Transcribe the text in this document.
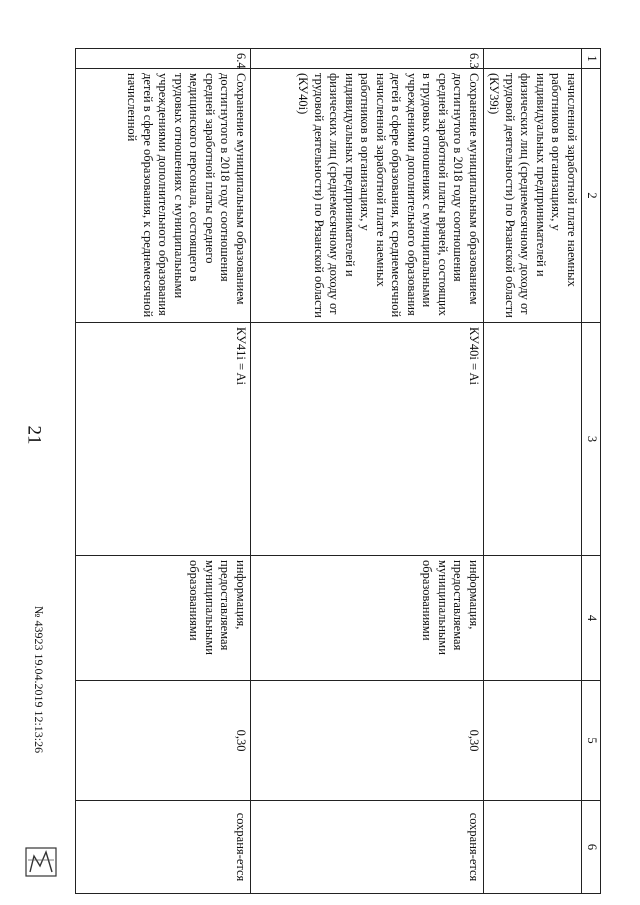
21
1	2	3	4	5	6
	начисленной заработной плате наемных работников в организациях, у индивидуальных предпринимателей и физических лиц (среднемесячному доходу от трудовой деятельности) по Рязанской области (КУ39i)				
6.3	Сохранение муниципальным образованием достигнутого в 2018 году соотношения средней заработной платы врачей, состоящих в трудовых отношениях с муниципальными учреждениями дополнительного образования детей в сфере образования, к среднемесячной начисленной заработной плате наемных работников в организациях, у индивидуальных предпринимателей и физических лиц (среднемесячному доходу от трудовой деятельности) по Рязанской области (КУ40i)	КУ40i = Ai	информация, предоставляемая муниципальными образованиями	0,30	сохраня-ется
6.4	Сохранение муниципальным образованием достигнутого в 2018 году соотношения средней заработной платы среднего медицинского персонала, состоящего в трудовых отношениях с муниципальными учреждениями дополнительного образования детей в сфере образования, к среднемесячной начисленной	КУ41i = Ai	информация, предоставляемая муниципальными образованиями	0,30	сохраня-ется
№ 43923 19.04.2019 12:13:26
